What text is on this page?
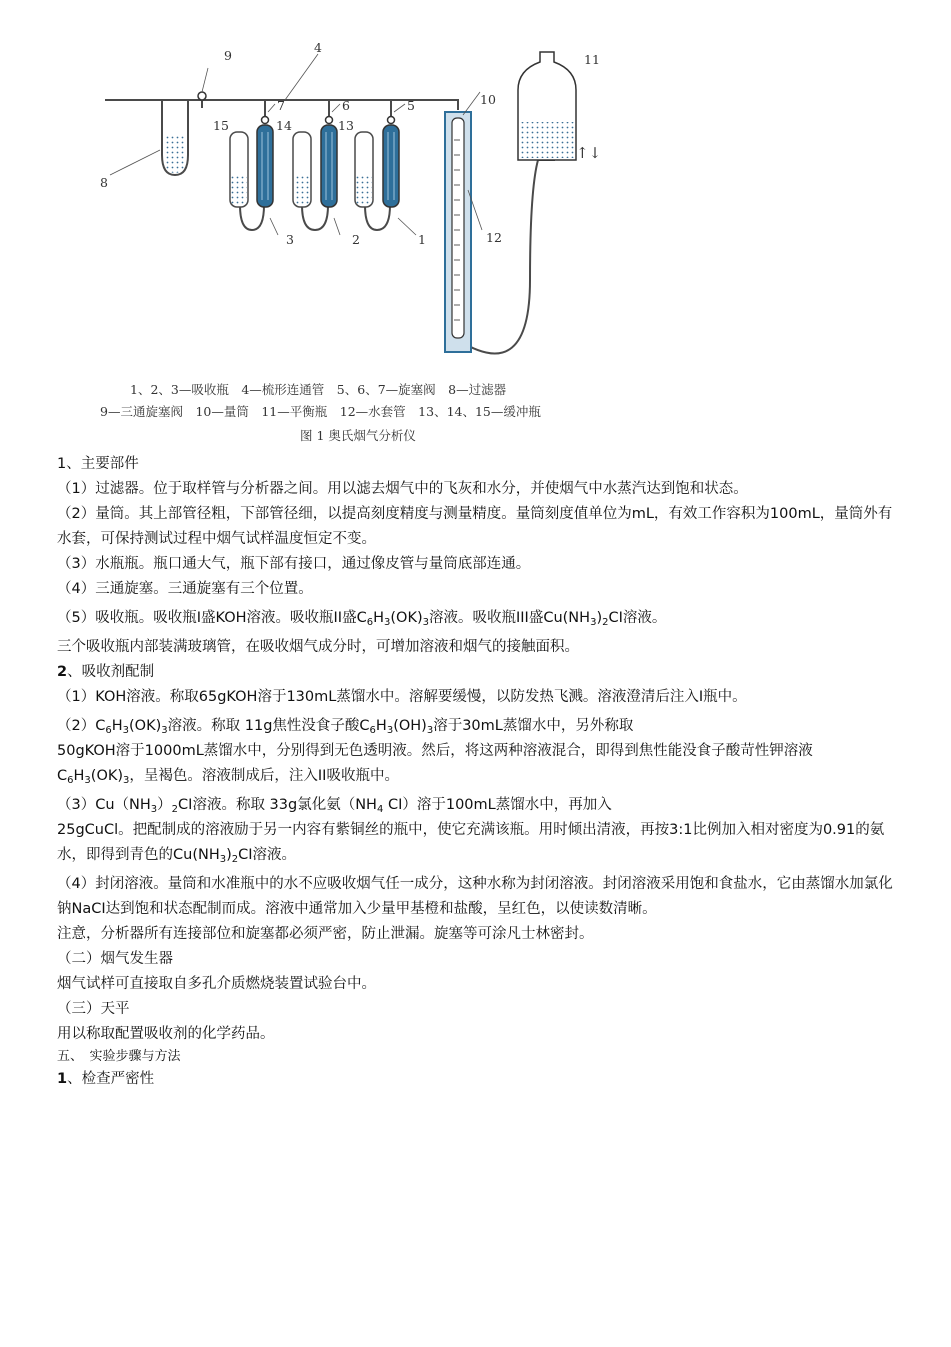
9
4
7	6	5
15	14	13
10
11
↑↓
8
12
1
2
3
1、2、3—吸收瓶　4—梳形连通管　5、6、7—旋塞阀　8—过滤器
9—三通旋塞阀　10—量筒　11—平衡瓶　12—水套管　13、14、15—缓冲瓶
图 1 奥氏烟气分析仪

1、主要部件

（1）过滤器。位于取样管与分析器之间。用以滤去烟气中的飞灰和水分，并使烟气中水蒸汽达到饱和状态。

（2）量筒。其上部管径粗，下部管径细，以提高刻度精度与测量精度。量筒刻度值单位为mL，有效工作容积为100mL，量筒外有水套，可保持测试过程中烟气试样温度恒定不变。

（3）水瓶瓶。瓶口通大气，瓶下部有接口，通过像皮管与量筒底部连通。

（4）三通旋塞。三通旋塞有三个位置。

（5）吸收瓶。吸收瓶I盛KOH溶液。吸收瓶II盛$C_6H_3(OK)_3$溶液。吸收瓶III盛$Cu(NH_3)_2CI$溶液。

三个吸收瓶内部装满玻璃管，在吸收烟气成分时，可增加溶液和烟气的接触面积。

2、吸收剂配制

（1）KOH溶液。称取65gKOH溶于130mL蒸馏水中。溶解要缓慢，以防发热飞溅。溶液澄清后注入I瓶中。

$(2)C_6H_3(OK)_3$溶液。称取 11g焦性没食子酸$C_6H_3(OH)_3$溶于30mL蒸馏水中，另外称取
50gKOH溶于1000mL蒸馏水中，分别得到无色透明液。然后，将这两种溶液混合，即得到焦性能没食子酸苛性钾溶液$C_6H_3(OK)_3$，呈褐色。溶液制成后，注入II吸收瓶中。

$(3)Cu(NH_3)_2CI$溶液。称取 33g氯化氨（$NH_4$ CI）溶于100mL蒸馏水中，再加入
25gCuCl。把配制成的溶液励于另一内容有紫铜丝的瓶中，使它充满该瓶。用时倾出清液，再按3:1比例加入相对密度为0.91的氨水，即得到青色的$Cu(NH_3)_2CI$溶液。

（4）封闭溶液。量筒和水准瓶中的水不应吸收烟气任一成分，这种水称为封闭溶液。封闭溶液采用饱和食盐水，它由蒸馏水加氯化钠NaCI达到饱和状态配制而成。溶液中通常加入少量甲基橙和盐酸，呈红色，以使读数清晰。

注意，分析器所有连接部位和旋塞都必须严密，防止泄漏。旋塞等可涂凡士林密封。

（二）烟气发生器

烟气试样可直接取自多孔介质燃烧装置试验台中。

（三）天平

用以称取配置吸收剂的化学药品。

五、　实验步骤与方法

1、检查严密性
